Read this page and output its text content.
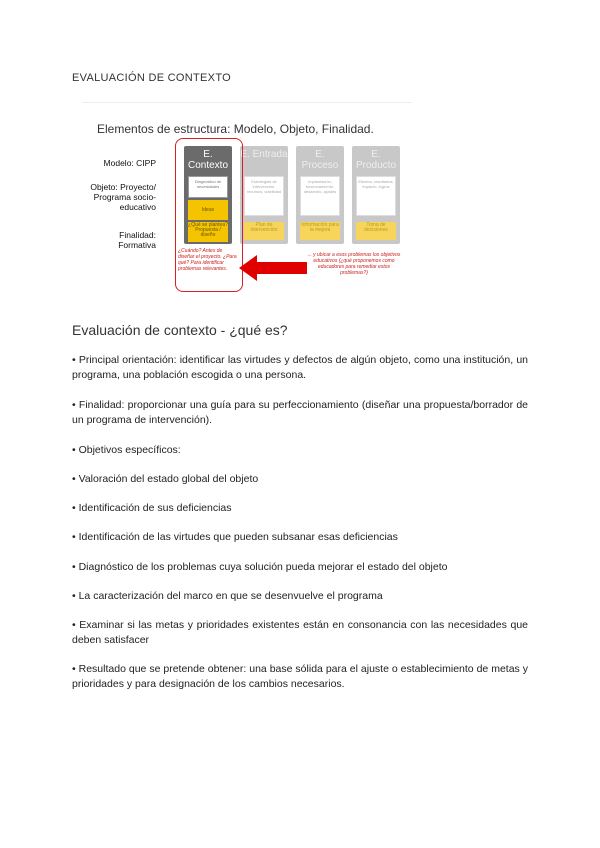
EVALUACIÓN DE CONTEXTO
Elementos de estructura: Modelo, Objeto, Finalidad.
Modelo: CIPP
Objeto: Proyecto/ Programa socio-educativo
Finalidad: Formativa
E. Contexto
Diagnóstico de necesidades
Ideas
¿Qué se plantea? Propuesta / diseño
E. Entrada
Estrategias de intervención, recursos, viabilidad
Plan de intervención
E. Proceso
Implantación, funcionamiento, desarrollo, ajustes
Información para la mejora
E. Producto
Efectos, resultados, impacto, logros
Toma de decisiones
¿Cuándo? Antes de diseñar el proyecto. ¿Para qué? Para identificar problemas relevantes.
... y ubicar a esos problemas los objetivos educativos (¿qué proponemos como educadores para remediar estos problemas?)
Evaluación de contexto - ¿qué es?
• Principal orientación: identificar las virtudes y defectos de algún objeto, como una institución, un programa, una población escogida o una persona.
• Finalidad: proporcionar una guía para su perfeccionamiento (diseñar una propuesta/borrador de un programa de intervención).
• Objetivos específicos:
• Valoración del estado global del objeto
• Identificación de sus deficiencias
• Identificación de las virtudes que pueden subsanar esas deficiencias
• Diagnóstico de los problemas cuya solución pueda mejorar el estado del objeto
• La caracterización del marco en que se desenvuelve el programa
• Examinar si las metas y prioridades existentes están en consonancia con las necesidades que deben satisfacer
• Resultado que se pretende obtener: una base sólida para el ajuste o establecimiento de metas y prioridades y para designación de los cambios necesarios.
